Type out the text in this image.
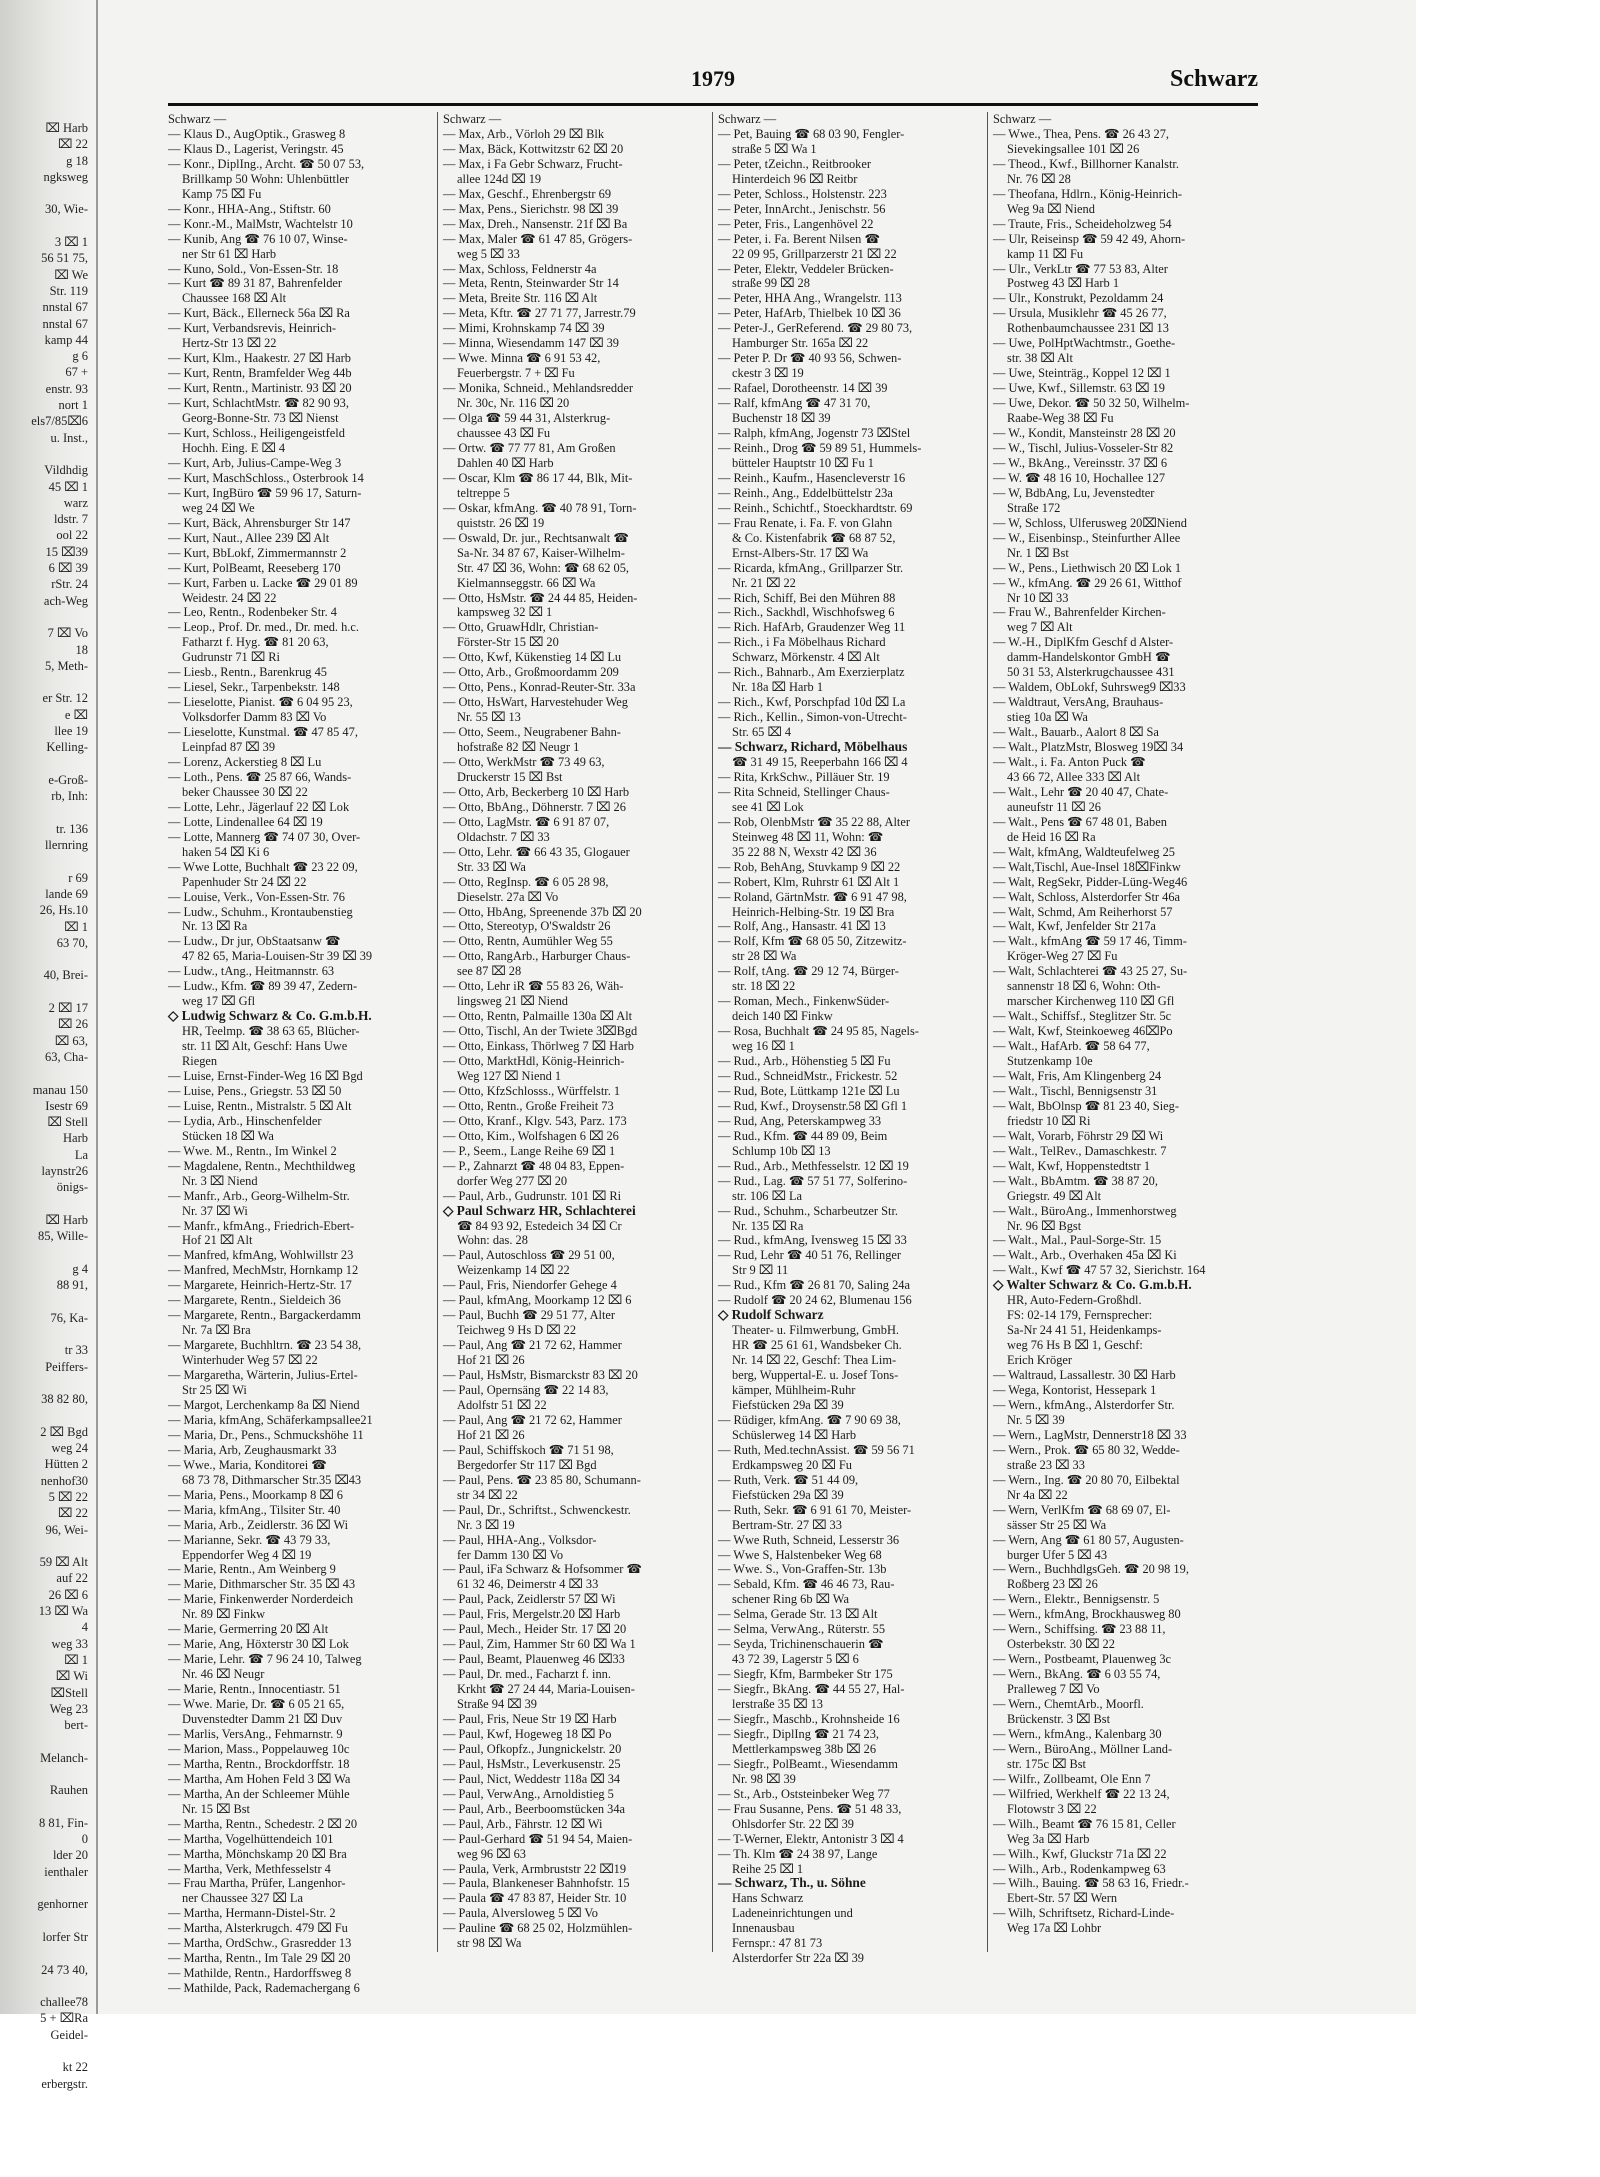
⌧ Harb
⌧ 22
g 18
ngksweg

30, Wie-

3 ⌧ 1
56 51 75,
⌧ We
Str. 119
nnstal 67
nnstal 67
kamp 44
g 6
67 +
enstr. 93
nort 1
els7/85⌧6
u. Inst.,

Vildhdig
45 ⌧ 1
warz
ldstr. 7
ool 22
15 ⌧39
6 ⌧ 39
rStr. 24
ach-Weg

7 ⌧ Vo
18
5, Meth-

er Str. 12
e ⌧
llee 19
Kelling-

e-Groß-
rb, Inh:

tr. 136
llernring

r 69
lande 69
26, Hs.10
⌧ 1
63 70,

40, Brei-

2 ⌧ 17
⌧ 26
⌧ 63,
63, Cha-

manau 150
Isestr 69
⌧ Stell
Harb
La
laynstr26
önigs-

⌧ Harb
85, Wille-

g 4
88 91,

76, Ka-

tr 33
Peiffers-

38 82 80,

2 ⌧ Bgd
weg 24
Hütten 2
nenhof30
5 ⌧ 22
⌧ 22
96, Wei-

59 ⌧ Alt
auf 22
26 ⌧ 6
13 ⌧ Wa
4
weg 33
⌧ 1
⌧ Wi
⌧Stell
Weg 23
bert-

Melanch-

Rauhen

8 81, Fin-
0
lder 20
ienthaler

genhorner

lorfer Str

24 73 40,

challee78
5 + ⌧Ra
Geidel-

kt 22
erbergstr.
1979	Schwarz
Schwarz —
— Klaus D., AugOptik., Grasweg 8
— Klaus D., Lagerist, Veringstr. 45
— Konr., DiplIng., Archt. ☎ 50 07 53,
Brillkamp 50 Wohn: Uhlenbüttler
Kamp 75 ⌧ Fu
— Konr., HHA-Ang., Stiftstr. 60
— Konr.-M., MalMstr, Wachtelstr 10
— Kunib, Ang ☎ 76 10 07, Winse-
ner Str 61 ⌧ Harb
— Kuno, Sold., Von-Essen-Str. 18
— Kurt ☎ 89 31 87, Bahrenfelder
Chaussee 168 ⌧ Alt
— Kurt, Bäck., Ellerneck 56a ⌧ Ra
— Kurt, Verbandsrevis, Heinrich-
Hertz-Str 13 ⌧ 22
— Kurt, Klm., Haakestr. 27 ⌧ Harb
— Kurt, Rentn, Bramfelder Weg 44b
— Kurt, Rentn., Martinistr. 93 ⌧ 20
— Kurt, SchlachtMstr. ☎ 82 90 93,
Georg-Bonne-Str. 73 ⌧ Nienst
— Kurt, Schloss., Heiligengeistfeld
Hochh. Eing. E ⌧ 4
— Kurt, Arb, Julius-Campe-Weg 3
— Kurt, MaschSchloss., Osterbrook 14
— Kurt, IngBüro ☎ 59 96 17, Saturn-
weg 24 ⌧ We
— Kurt, Bäck, Ahrensburger Str 147
— Kurt, Naut., Allee 239 ⌧ Alt
— Kurt, BbLokf, Zimmermannstr 2
— Kurt, PolBeamt, Reeseberg 170
— Kurt, Farben u. Lacke ☎ 29 01 89
Weidestr. 24 ⌧ 22
— Leo, Rentn., Rodenbeker Str. 4
— Leop., Prof. Dr. med., Dr. med. h.c.
Fatharzt f. Hyg. ☎ 81 20 63,
Gudrunstr 71 ⌧ Ri
— Liesb., Rentn., Barenkrug 45
— Liesel, Sekr., Tarpenbekstr. 148
— Lieselotte, Pianist. ☎ 6 04 95 23,
Volksdorfer Damm 83 ⌧ Vo
— Lieselotte, Kunstmal. ☎ 47 85 47,
Leinpfad 87 ⌧ 39
— Lorenz, Ackerstieg 8 ⌧ Lu
— Loth., Pens. ☎ 25 87 66, Wands-
beker Chaussee 30 ⌧ 22
— Lotte, Lehr., Jägerlauf 22 ⌧ Lok
— Lotte, Lindenallee 64 ⌧ 19
— Lotte, Mannerg ☎ 74 07 30, Over-
haken 54 ⌧ Ki 6
— Wwe Lotte, Buchhalt ☎ 23 22 09,
Papenhuder Str 24 ⌧ 22
— Louise, Verk., Von-Essen-Str. 76
— Ludw., Schuhm., Krontaubenstieg
Nr. 13 ⌧ Ra
— Ludw., Dr jur, ObStaatsanw ☎
47 82 65, Maria-Louisen-Str 39 ⌧ 39
— Ludw., tAng., Heitmannstr. 63
— Ludw., Kfm. ☎ 89 39 47, Zedern-
weg 17 ⌧ Gfl
◇ Ludwig Schwarz & Co. G.m.b.H.
HR, Teelmp. ☎ 38 63 65, Blücher-
str. 11 ⌧ Alt, Geschf: Hans Uwe
Riegen
— Luise, Ernst-Finder-Weg 16 ⌧ Bgd
— Luise, Pens., Griegstr. 53 ⌧ 50
— Luise, Rentn., Mistralstr. 5 ⌧ Alt
— Lydia, Arb., Hinschenfelder
Stücken 18 ⌧ Wa
— Wwe. M., Rentn., Im Winkel 2
— Magdalene, Rentn., Mechthildweg
Nr. 3 ⌧ Niend
— Manfr., Arb., Georg-Wilhelm-Str.
Nr. 37 ⌧ Wi
— Manfr., kfmAng., Friedrich-Ebert-
Hof 21 ⌧ Alt
— Manfred, kfmAng, Wohlwillstr 23
— Manfred, MechMstr, Hornkamp 12
— Margarete, Heinrich-Hertz-Str. 17
— Margarete, Rentn., Sieldeich 36
— Margarete, Rentn., Bargackerdamm
Nr. 7a ⌧ Bra
— Margarete, Buchhltrn. ☎ 23 54 38,
Winterhuder Weg 57 ⌧ 22
— Margaretha, Wärterin, Julius-Ertel-
Str 25 ⌧ Wi
— Margot, Lerchenkamp 8a ⌧ Niend
— Maria, kfmAng, Schäferkampsallee21
— Maria, Dr., Pens., Schmuckshöhe 11
— Maria, Arb, Zeughausmarkt 33
— Wwe., Maria, Konditorei ☎
68 73 78, Dithmarscher Str.35 ⌧43
— Maria, Pens., Moorkamp 8 ⌧ 6
— Maria, kfmAng., Tilsiter Str. 40
— Maria, Arb., Zeidlerstr. 36 ⌧ Wi
— Marianne, Sekr. ☎ 43 79 33,
Eppendorfer Weg 4 ⌧ 19
— Marie, Rentn., Am Weinberg 9
— Marie, Dithmarscher Str. 35 ⌧ 43
— Marie, Finkenwerder Norderdeich
Nr. 89 ⌧ Finkw
— Marie, Germerring 20 ⌧ Alt
— Marie, Ang, Höxterstr 30 ⌧ Lok
— Marie, Lehr. ☎ 7 96 24 10, Talweg
Nr. 46 ⌧ Neugr
— Marie, Rentn., Innocentiastr. 51
— Wwe. Marie, Dr. ☎ 6 05 21 65,
Duvenstedter Damm 21 ⌧ Duv
— Marlis, VersAng., Fehmarnstr. 9
— Marion, Mass., Poppelauweg 10c
— Martha, Rentn., Brockdorffstr. 18
— Martha, Am Hohen Feld 3 ⌧ Wa
— Martha, An der Schleemer Mühle
Nr. 15 ⌧ Bst
— Martha, Rentn., Schedestr. 2 ⌧ 20
— Martha, Vogelhüttendeich 101
— Martha, Mönchskamp 20 ⌧ Bra
— Martha, Verk, Methfesselstr 4
— Frau Martha, Prüfer, Langenhor-
ner Chaussee 327 ⌧ La
— Martha, Hermann-Distel-Str. 2
— Martha, Alsterkrugch. 479 ⌧ Fu
— Martha, OrdSchw., Grasredder 13
— Martha, Rentn., Im Tale 29 ⌧ 20
— Mathilde, Rentn., Hardorffsweg 8
— Mathilde, Pack, Rademachergang 6
Schwarz —
— Max, Arb., Vörloh 29 ⌧ Blk
— Max, Bäck, Kottwitzstr 62 ⌧ 20
— Max, i Fa Gebr Schwarz, Frucht-
allee 124d ⌧ 19
— Max, Geschf., Ehrenbergstr 69
— Max, Pens., Sierichstr. 98 ⌧ 39
— Max, Dreh., Nansenstr. 21f ⌧ Ba
— Max, Maler ☎ 61 47 85, Grögers-
weg 5 ⌧ 33
— Max, Schloss, Feldnerstr 4a
— Meta, Rentn, Steinwarder Str 14
— Meta, Breite Str. 116 ⌧ Alt
— Meta, Kftr. ☎ 27 71 77, Jarrestr.79
— Mimi, Krohnskamp 74 ⌧ 39
— Minna, Wiesendamm 147 ⌧ 39
— Wwe. Minna ☎ 6 91 53 42,
Feuerbergstr. 7 + ⌧ Fu
— Monika, Schneid., Mehlandsredder
Nr. 30c, Nr. 116 ⌧ 20
— Olga ☎ 59 44 31, Alsterkrug-
chaussee 43 ⌧ Fu
— Ortw. ☎ 77 77 81, Am Großen
Dahlen 40 ⌧ Harb
— Oscar, Klm ☎ 86 17 44, Blk, Mit-
teltreppe 5
— Oskar, kfmAng. ☎ 40 78 91, Torn-
quiststr. 26 ⌧ 19
— Oswald, Dr. jur., Rechtsanwalt ☎
Sa-Nr. 34 87 67, Kaiser-Wilhelm-
Str. 47 ⌧ 36, Wohn: ☎ 68 62 05,
Kielmannseggstr. 66 ⌧ Wa
— Otto, HsMstr. ☎ 24 44 85, Heiden-
kampsweg 32 ⌧ 1
— Otto, GruawHdlr, Christian-
Förster-Str 15 ⌧ 20
— Otto, Kwf, Kükenstieg 14 ⌧ Lu
— Otto, Arb., Großmoordamm 209
— Otto, Pens., Konrad-Reuter-Str. 33a
— Otto, HsWart, Harvestehuder Weg
Nr. 55 ⌧ 13
— Otto, Seem., Neugrabener Bahn-
hofstraße 82 ⌧ Neugr 1
— Otto, WerkMstr ☎ 73 49 63,
Druckerstr 15 ⌧ Bst
— Otto, Arb, Beckerberg 10 ⌧ Harb
— Otto, BbAng., Döhnerstr. 7 ⌧ 26
— Otto, LagMstr. ☎ 6 91 87 07,
Oldachstr. 7 ⌧ 33
— Otto, Lehr. ☎ 66 43 35, Glogauer
Str. 33 ⌧ Wa
— Otto, RegInsp. ☎ 6 05 28 98,
Dieselstr. 27a ⌧ Vo
— Otto, HbAng, Spreenende 37b ⌧ 20
— Otto, Stereotyp, O'Swaldstr 26
— Otto, Rentn, Aumühler Weg 55
— Otto, RangArb., Harburger Chaus-
see 87 ⌧ 28
— Otto, Lehr iR ☎ 55 83 26, Wäh-
lingsweg 21 ⌧ Niend
— Otto, Rentn, Palmaille 130a ⌧ Alt
— Otto, Tischl, An der Twiete 3⌧Bgd
— Otto, Einkass, Thörlweg 7 ⌧ Harb
— Otto, MarktHdl, König-Heinrich-
Weg 127 ⌧ Niend 1
— Otto, KfzSchlosss., Würffelstr. 1
— Otto, Rentn., Große Freiheit 73
— Otto, Kranf., Klgv. 543, Parz. 173
— Otto, Kim., Wolfshagen 6 ⌧ 26
— P., Seem., Lange Reihe 69 ⌧ 1
— P., Zahnarzt ☎ 48 04 83, Eppen-
dorfer Weg 277 ⌧ 20
— Paul, Arb., Gudrunstr. 101 ⌧ Ri
◇ Paul Schwarz HR, Schlachterei
☎ 84 93 92, Estedeich 34 ⌧ Cr
Wohn: das. 28
— Paul, Autoschloss ☎ 29 51 00,
Weizenkamp 14 ⌧ 22
— Paul, Fris, Niendorfer Gehege 4
— Paul, kfmAng, Moorkamp 12 ⌧ 6
— Paul, Buchh ☎ 29 51 77, Alter
Teichweg 9 Hs D ⌧ 22
— Paul, Ang ☎ 21 72 62, Hammer
Hof 21 ⌧ 26
— Paul, HsMstr, Bismarckstr 83 ⌧ 20
— Paul, Opernsäng ☎ 22 14 83,
Adolfstr 51 ⌧ 22
— Paul, Ang ☎ 21 72 62, Hammer
Hof 21 ⌧ 26
— Paul, Schiffskoch ☎ 71 51 98,
Bergedorfer Str 117 ⌧ Bgd
— Paul, Pens. ☎ 23 85 80, Schumann-
str 34 ⌧ 22
— Paul, Dr., Schriftst., Schwenckestr.
Nr. 3 ⌧ 19
— Paul, HHA-Ang., Volksdor-
fer Damm 130 ⌧ Vo
— Paul, iFa Schwarz & Hofsommer ☎
61 32 46, Deimerstr 4 ⌧ 33
— Paul, Pack, Zeidlerstr 57 ⌧ Wi
— Paul, Fris, Mergelstr.20 ⌧ Harb
— Paul, Mech., Heider Str. 17 ⌧ 20
— Paul, Zim, Hammer Str 60 ⌧ Wa 1
— Paul, Beamt, Plauenweg 46 ⌧33
— Paul, Dr. med., Facharzt f. inn.
Krkht ☎ 27 24 44, Maria-Louisen-
Straße 94 ⌧ 39
— Paul, Fris, Neue Str 19 ⌧ Harb
— Paul, Kwf, Hogeweg 18 ⌧ Po
— Paul, Ofkopfz., Jungnickelstr. 20
— Paul, HsMstr., Leverkusenstr. 25
— Paul, Nict, Weddestr 118a ⌧ 34
— Paul, VerwAng., Arnoldistieg 5
— Paul, Arb., Beerboomstücken 34a
— Paul, Arb., Fährstr. 12 ⌧ Wi
— Paul-Gerhard ☎ 51 94 54, Maien-
weg 96 ⌧ 63
— Paula, Verk, Armbruststr 22 ⌧19
— Paula, Blankeneser Bahnhofstr. 15
— Paula ☎ 47 83 87, Heider Str. 10
— Paula, Alversloweg 5 ⌧ Vo
— Pauline ☎ 68 25 02, Holzmühlen-
str 98 ⌧ Wa
Schwarz —
— Pet, Bauing ☎ 68 03 90, Fengler-
straße 5 ⌧ Wa 1
— Peter, tZeichn., Reitbrooker
Hinterdeich 96 ⌧ Reitbr
— Peter, Schloss., Holstenstr. 223
— Peter, InnArcht., Jenischstr. 56
— Peter, Fris., Langenhövel 22
— Peter, i. Fa. Berent Nilsen ☎
22 09 95, Grillparzerstr 21 ⌧ 22
— Peter, Elektr, Veddeler Brücken-
straße 99 ⌧ 28
— Peter, HHA Ang., Wrangelstr. 113
— Peter, HafArb, Thielbek 10 ⌧ 36
— Peter-J., GerReferend. ☎ 29 80 73,
Hamburger Str. 165a ⌧ 22
— Peter P. Dr ☎ 40 93 56, Schwen-
ckestr 3 ⌧ 19
— Rafael, Dorotheenstr. 14 ⌧ 39
— Ralf, kfmAng ☎ 47 31 70,
Buchenstr 18 ⌧ 39
— Ralph, kfmAng, Jogenstr 73 ⌧Stel
— Reinh., Drog ☎ 59 89 51, Hummels-
bütteler Hauptstr 10 ⌧ Fu 1
— Reinh., Kaufm., Hasencleverstr 16
— Reinh., Ang., Eddelbüttelstr 23a
— Reinh., Schichtf., Stoeckhardtstr. 69
— Frau Renate, i. Fa. F. von Glahn
& Co. Kistenfabrik ☎ 68 87 52,
Ernst-Albers-Str. 17 ⌧ Wa
— Ricarda, kfmAng., Grillparzer Str.
Nr. 21 ⌧ 22
— Rich, Schiff, Bei den Mühren 88
— Rich., Sackhdl, Wischhofsweg 6
— Rich. HafArb, Graudenzer Weg 11
— Rich., i Fa Möbelhaus Richard
Schwarz, Mörkenstr. 4 ⌧ Alt
— Rich., Bahnarb., Am Exerzierplatz
Nr. 18a ⌧ Harb 1
— Rich., Kwf, Porschpfad 10d ⌧ La
— Rich., Kellin., Simon-von-Utrecht-
Str. 65 ⌧ 4
— Schwarz, Richard, Möbelhaus
☎ 31 49 15, Reeperbahn 166 ⌧ 4
— Rita, KrkSchw., Pilläuer Str. 19
— Rita Schneid, Stellinger Chaus-
see 41 ⌧ Lok
— Rob, OlenbMstr ☎ 35 22 88, Alter
Steinweg 48 ⌧ 11, Wohn: ☎
35 22 88 N, Wexstr 42 ⌧ 36
— Rob, BehAng, Stuvkamp 9 ⌧ 22
— Robert, Klm, Ruhrstr 61 ⌧ Alt 1
— Roland, GärtnMstr. ☎ 6 91 47 98,
Heinrich-Helbing-Str. 19 ⌧ Bra
— Rolf, Ang., Hansastr. 41 ⌧ 13
— Rolf, Kfm ☎ 68 05 50, Zitzewitz-
str 28 ⌧ Wa
— Rolf, tAng. ☎ 29 12 74, Bürger-
str. 18 ⌧ 22
— Roman, Mech., FinkenwSüder-
deich 140 ⌧ Finkw
— Rosa, Buchhalt ☎ 24 95 85, Nagels-
weg 16 ⌧ 1
— Rud., Arb., Höhenstieg 5 ⌧ Fu
— Rud., SchneidMstr., Frickestr. 52
— Rud, Bote, Lüttkamp 121e ⌧ Lu
— Rud, Kwf., Droysenstr.58 ⌧ Gfl 1
— Rud, Ang, Peterskampweg 33
— Rud., Kfm. ☎ 44 89 09, Beim
Schlump 10b ⌧ 13
— Rud., Arb., Methfesselstr. 12 ⌧ 19
— Rud., Lag. ☎ 57 51 77, Solferino-
str. 106 ⌧ La
— Rud., Schuhm., Scharbeutzer Str.
Nr. 135 ⌧ Ra
— Rud., kfmAng, Ivensweg 15 ⌧ 33
— Rud, Lehr ☎ 40 51 76, Rellinger
Str 9 ⌧ 11
— Rud., Kfm ☎ 26 81 70, Saling 24a
— Rudolf ☎ 20 24 62, Blumenau 156
◇ Rudolf Schwarz
Theater- u. Filmwerbung, GmbH.
HR ☎ 25 61 61, Wandsbeker Ch.
Nr. 14 ⌧ 22, Geschf: Thea Lim-
berg, Wuppertal-E. u. Josef Tons-
kämper, Mühlheim-Ruhr
Fiefstücken 29a ⌧ 39
— Rüdiger, kfmAng. ☎ 7 90 69 38,
Schüslerweg 14 ⌧ Harb
— Ruth, Med.technAssist. ☎ 59 56 71
Erdkampsweg 20 ⌧ Fu
— Ruth, Verk. ☎ 51 44 09,
Fiefstücken 29a ⌧ 39
— Ruth, Sekr. ☎ 6 91 61 70, Meister-
Bertram-Str. 27 ⌧ 33
— Wwe Ruth, Schneid, Lesserstr 36
— Wwe S, Halstenbeker Weg 68
— Wwe. S., Von-Graffen-Str. 13b
— Sebald, Kfm. ☎ 46 46 73, Rau-
schener Ring 6b ⌧ Wa
— Selma, Gerade Str. 13 ⌧ Alt
— Selma, VerwAng., Rüterstr. 55
— Seyda, Trichinenschauerin ☎
43 72 39, Lagerstr 5 ⌧ 6
— Siegfr, Kfm, Barmbeker Str 175
— Siegfr., BkAng. ☎ 44 55 27, Hal-
lerstraße 35 ⌧ 13
— Siegfr., Maschb., Krohnsheide 16
— Siegfr., DiplIng ☎ 21 74 23,
Mettlerkampsweg 38b ⌧ 26
— Siegfr., PolBeamt., Wiesendamm
Nr. 98 ⌧ 39
— St., Arb., Oststeinbeker Weg 77
— Frau Susanne, Pens. ☎ 51 48 33,
Ohlsdorfer Str. 22 ⌧ 39
— T-Werner, Elektr, Antonistr 3 ⌧ 4
— Th. Klm ☎ 24 38 97, Lange
Reihe 25 ⌧ 1
— Schwarz, Th., u. Söhne
Hans Schwarz
Ladeneinrichtungen und
Innenausbau
Fernspr.: 47 81 73
Alsterdorfer Str 22a ⌧ 39
Schwarz —
— Wwe., Thea, Pens. ☎ 26 43 27,
Sievekingsallee 101 ⌧ 26
— Theod., Kwf., Billhorner Kanalstr.
Nr. 76 ⌧ 28
— Theofana, Hdlrn., König-Heinrich-
Weg 9a ⌧ Niend
— Traute, Fris., Scheideholzweg 54
— Ulr, Reiseinsp ☎ 59 42 49, Ahorn-
kamp 11 ⌧ Fu
— Ulr., VerkLtr ☎ 77 53 83, Alter
Postweg 43 ⌧ Harb 1
— Ulr., Konstrukt, Pezoldamm 24
— Ursula, Musiklehr ☎ 45 26 77,
Rothenbaumchaussee 231 ⌧ 13
— Uwe, PolHptWachtmstr., Goethe-
str. 38 ⌧ Alt
— Uwe, Steinträg., Koppel 12 ⌧ 1
— Uwe, Kwf., Sillemstr. 63 ⌧ 19
— Uwe, Dekor. ☎ 50 32 50, Wilhelm-
Raabe-Weg 38 ⌧ Fu
— W., Kondit, Mansteinstr 28 ⌧ 20
— W., Tischl, Julius-Vosseler-Str 82
— W., BkAng., Vereinsstr. 37 ⌧ 6
— W. ☎ 48 16 10, Hochallee 127
— W, BdbAng, Lu, Jevenstedter
Straße 172
— W, Schloss, Ulferusweg 20⌧Niend
— W., Eisenbinsp., Steinfurther Allee
Nr. 1 ⌧ Bst
— W., Pens., Liethwisch 20 ⌧ Lok 1
— W., kfmAng. ☎ 29 26 61, Witthof
Nr 10 ⌧ 33
— Frau W., Bahrenfelder Kirchen-
weg 7 ⌧ Alt
— W.-H., DiplKfm Geschf d Alster-
damm-Handelskontor GmbH ☎
50 31 53, Alsterkrugchaussee 431
— Waldem, ObLokf, Suhrsweg9 ⌧33
— Waldtraut, VersAng, Brauhaus-
stieg 10a ⌧ Wa
— Walt., Bauarb., Aalort 8 ⌧ Sa
— Walt., PlatzMstr, Blosweg 19⌧ 34
— Walt., i. Fa. Anton Puck ☎
43 66 72, Allee 333 ⌧ Alt
— Walt., Lehr ☎ 20 40 47, Chate-
auneufstr 11 ⌧ 26
— Walt., Pens ☎ 67 48 01, Baben
de Heid 16 ⌧ Ra
— Walt, kfmAng, Waldteufelweg 25
— Walt,Tischl, Aue-Insel 18⌧Finkw
— Walt, RegSekr, Pidder-Lüng-Weg46
— Walt, Schloss, Alsterdorfer Str 46a
— Walt, Schmd, Am Reiherhorst 57
— Walt, Kwf, Jenfelder Str 217a
— Walt., kfmAng ☎ 59 17 46, Timm-
Kröger-Weg 27 ⌧ Fu
— Walt, Schlachterei ☎ 43 25 27, Su-
sannenstr 18 ⌧ 6, Wohn: Oth-
marscher Kirchenweg 110 ⌧ Gfl
— Walt., Schiffsf., Steglitzer Str. 5c
— Walt, Kwf, Steinkoeweg 46⌧Po
— Walt., HafArb. ☎ 58 64 77,
Stutzenkamp 10e
— Walt, Fris, Am Klingenberg 24
— Walt., Tischl, Bennigsenstr 31
— Walt, BbOlnsp ☎ 81 23 40, Sieg-
friedstr 10 ⌧ Ri
— Walt, Vorarb, Föhrstr 29 ⌧ Wi
— Walt., TelRev., Damaschkestr. 7
— Walt, Kwf, Hoppenstedtstr 1
— Walt., BbAmtm. ☎ 38 87 20,
Griegstr. 49 ⌧ Alt
— Walt., BüroAng., Immenhorstweg
Nr. 96 ⌧ Bgst
— Walt., Mal., Paul-Sorge-Str. 15
— Walt., Arb., Overhaken 45a ⌧ Ki
— Walt., Kwf ☎ 47 57 32, Sierichstr. 164
◇ Walter Schwarz & Co. G.m.b.H.
HR, Auto-Federn-Großhdl.
FS: 02-14 179, Fernsprecher:
Sa-Nr 24 41 51, Heidenkamps-
weg 76 Hs B ⌧ 1, Geschf:
Erich Kröger
— Waltraud, Lassallestr. 30 ⌧ Harb
— Wega, Kontorist, Hessepark 1
— Wern., kfmAng., Alsterdorfer Str.
Nr. 5 ⌧ 39
— Wern., LagMstr, Dennerstr18 ⌧ 33
— Wern., Prok. ☎ 65 80 32, Wedde-
straße 23 ⌧ 33
— Wern., Ing. ☎ 20 80 70, Eilbektal
Nr 4a ⌧ 22
— Wern, VerlKfm ☎ 68 69 07, El-
sässer Str 25 ⌧ Wa
— Wern, Ang ☎ 61 80 57, Augusten-
burger Ufer 5 ⌧ 43
— Wern., BuchhdlgsGeh. ☎ 20 98 19,
Roßberg 23 ⌧ 26
— Wern., Elektr., Bennigsenstr. 5
— Wern., kfmAng, Brockhausweg 80
— Wern., Schiffsing. ☎ 23 88 11,
Osterbekstr. 30 ⌧ 22
— Wern., Postbeamt, Plauenweg 3c
— Wern., BkAng. ☎ 6 03 55 74,
Pralleweg 7 ⌧ Vo
— Wern., ChemtArb., Moorfl.
Brückenstr. 3 ⌧ Bst
— Wern., kfmAng., Kalenbarg 30
— Wern., BüroAng., Möllner Land-
str. 175c ⌧ Bst
— Wilfr., Zollbeamt, Ole Enn 7
— Wilfried, Werkhelf ☎ 22 13 24,
Flotowstr 3 ⌧ 22
— Wilh., Beamt ☎ 76 15 81, Celler
Weg 3a ⌧ Harb
— Wilh., Kwf, Gluckstr 71a ⌧ 22
— Wilh., Arb., Rodenkampweg 63
— Wilh., Bauing. ☎ 58 63 16, Friedr.-
Ebert-Str. 57 ⌧ Wern
— Wilh, Schriftsetz, Richard-Linde-
Weg 17a ⌧ Lohbr
